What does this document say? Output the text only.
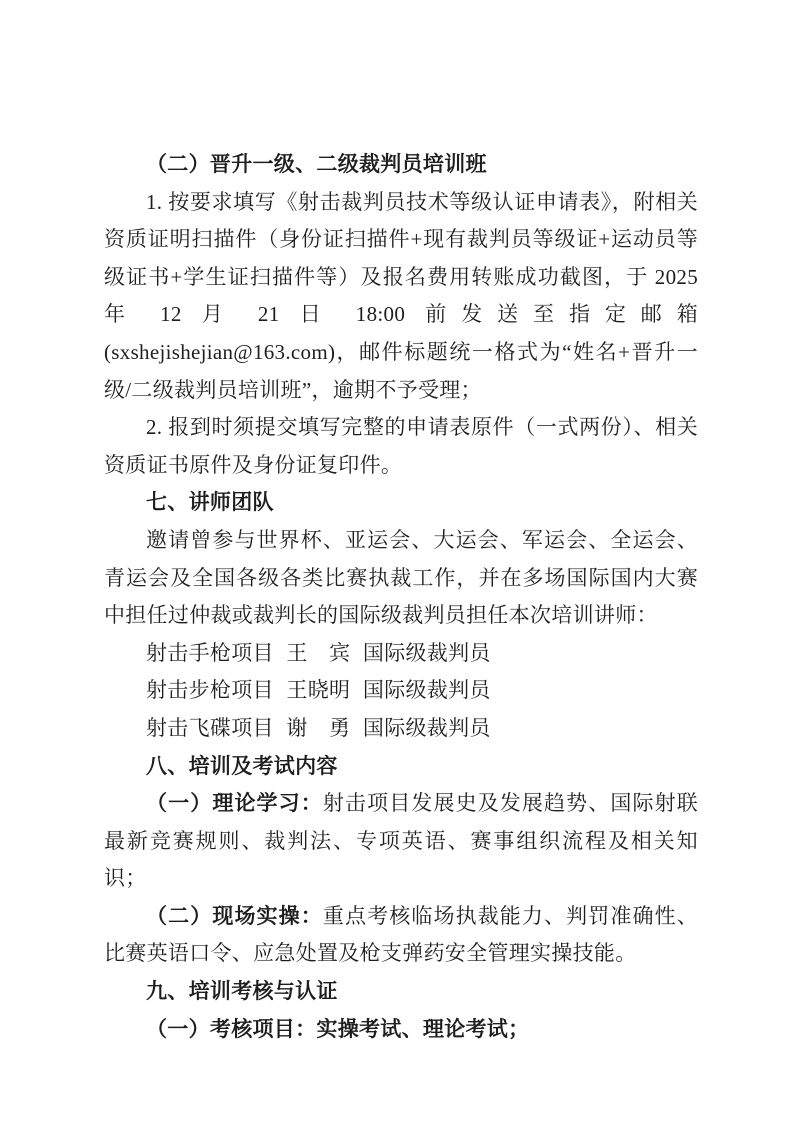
（二）晋升一级、二级裁判员培训班

1. 按要求填写《射击裁判员技术等级认证申请表》，附相关资质证明扫描件（身份证扫描件+现有裁判员等级证+运动员等级证书+学生证扫描件等）及报名费用转账成功截图，于 2025 年 12 月 21 日 18:00 前发送至指定邮箱(sxshejishejian@163.com)，邮件标题统一格式为“姓名+晋升一级/二级裁判员培训班”，逾期不予受理；

2. 报到时须提交填写完整的申请表原件（一式两份）、相关资质证书原件及身份证复印件。

七、讲师团队

邀请曾参与世界杯、亚运会、大运会、军运会、全运会、青运会及全国各级各类比赛执裁工作，并在多场国际国内大赛中担任过仲裁或裁判长的国际级裁判员担任本次培训讲师：

射击手枪项目 王　宾 国际级裁判员

射击步枪项目 王晓明 国际级裁判员

射击飞碟项目 谢　勇 国际级裁判员

八、培训及考试内容

（一）理论学习：射击项目发展史及发展趋势、国际射联最新竞赛规则、裁判法、专项英语、赛事组织流程及相关知识；

（二）现场实操：重点考核临场执裁能力、判罚准确性、比赛英语口令、应急处置及枪支弹药安全管理实操技能。

九、培训考核与认证

（一）考核项目：实操考试、理论考试；
